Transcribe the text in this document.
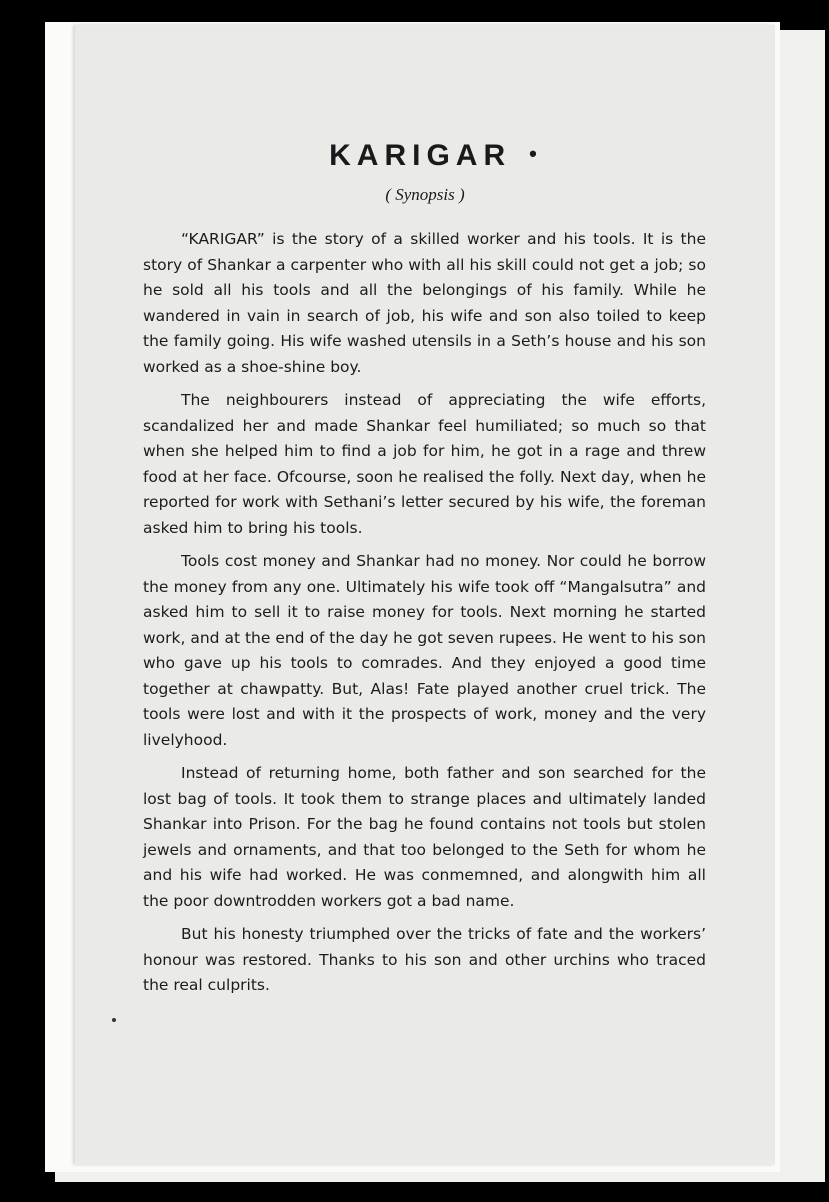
KARIGAR •
( Synopsis )

“KARIGAR” is the story of a skilled worker and his tools. It is the story of Shankar a carpenter who with all his skill could not get a job; so he sold all his tools and all the belongings of his family. While he wandered in vain in search of job, his wife and son also toiled to keep the family going. His wife washed utensils in a Seth’s house and his son worked as a shoe-shine boy.

The neighbourers instead of appreciating the wife efforts, scandalized her and made Shankar feel humiliated; so much so that when she helped him to find a job for him, he got in a rage and threw food at her face. Ofcourse, soon he realised the folly. Next day, when he reported for work with Sethani’s letter secured by his wife, the foreman asked him to bring his tools.

Tools cost money and Shankar had no money. Nor could he borrow the money from any one. Ultimately his wife took off “Mangalsutra” and asked him to sell it to raise money for tools. Next morning he started work, and at the end of the day he got seven rupees. He went to his son who gave up his tools to comrades. And they enjoyed a good time together at chawpatty. But, Alas! Fate played another cruel trick. The tools were lost and with it the prospects of work, money and the very livelyhood.

Instead of returning home, both father and son searched for the lost bag of tools. It took them to strange places and ultimately landed Shankar into Prison. For the bag he found contains not tools but stolen jewels and ornaments, and that too belonged to the Seth for whom he and his wife had worked. He was conmemned, and alongwith him all the poor downtrodden workers got a bad name.

But his honesty triumphed over the tricks of fate and the workers’ honour was restored. Thanks to his son and other urchins who traced the real culprits.
